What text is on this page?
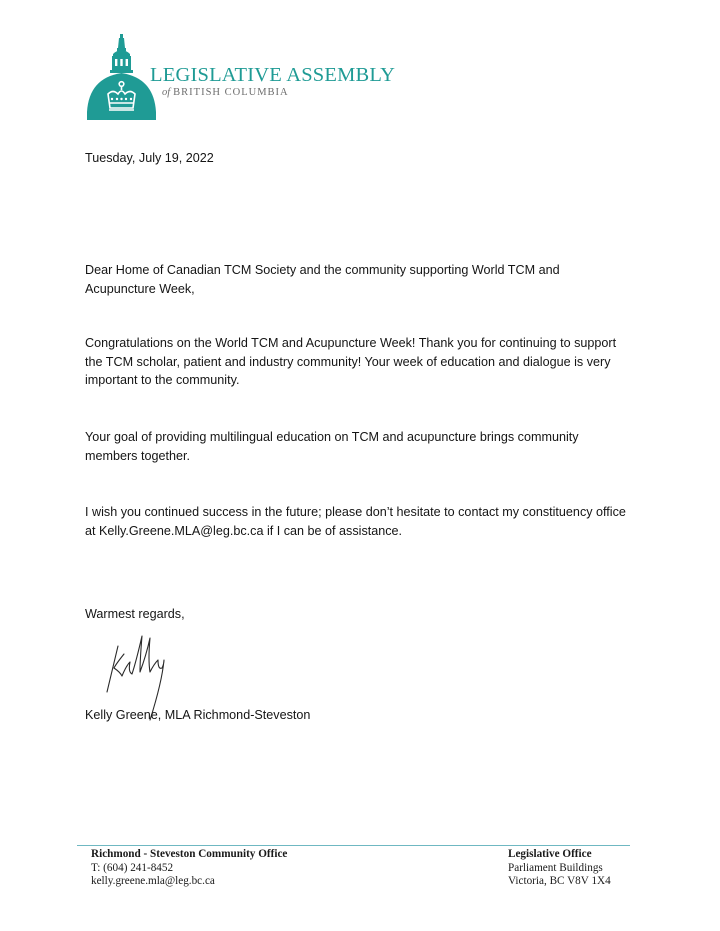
LEGISLATIVE ASSEMBLY
of BRITISH COLUMBIA

Tuesday, July 19, 2022

Dear Home of Canadian TCM Society and the community supporting World TCM and Acupuncture Week,

Congratulations on the World TCM and Acupuncture Week! Thank you for continuing to support the TCM scholar, patient and industry community! Your week of education and dialogue is very important to the community.

Your goal of providing multilingual education on TCM and acupuncture brings community members together.

I wish you continued success in the future; please don’t hesitate to contact my constituency office at Kelly.Greene.MLA@leg.bc.ca if I can be of assistance.

Warmest regards,

Kelly Greene, MLA Richmond-Steveston

Richmond - Steveston Community Office
T: (604) 241-8452
kelly.greene.mla@leg.bc.ca
Legislative Office
Parliament Buildings
Victoria, BC V8V 1X4
